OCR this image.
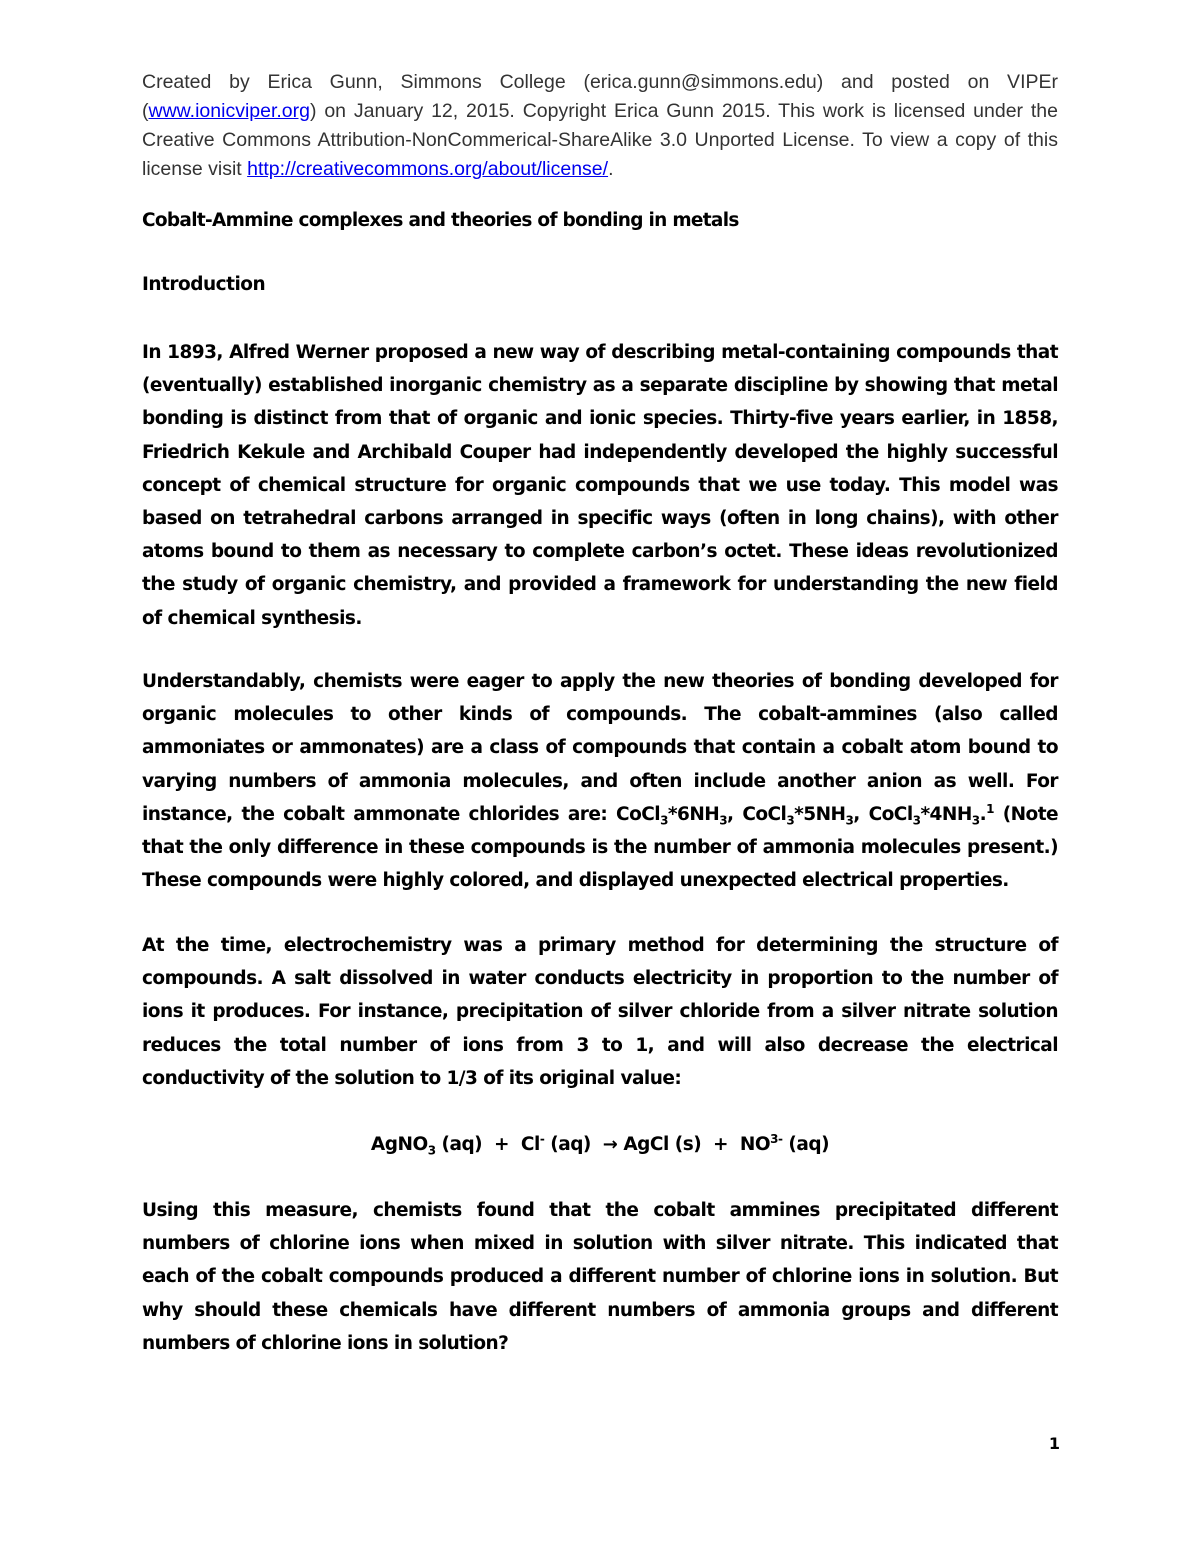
Created by Erica Gunn, Simmons College (erica.gunn@simmons.edu) and posted on VIPEr (www.ionicviper.org) on January 12, 2015. Copyright Erica Gunn 2015. This work is licensed under the Creative Commons Attribution-NonCommerical-ShareAlike 3.0 Unported License. To view a copy of this license visit http://creativecommons.org/about/license/.
Cobalt-Ammine complexes and theories of bonding in metals
Introduction

In 1893, Alfred Werner proposed a new way of describing metal-containing compounds that (eventually) established inorganic chemistry as a separate discipline by showing that metal bonding is distinct from that of organic and ionic species. Thirty-five years earlier, in 1858, Friedrich Kekule and Archibald Couper had independently developed the highly successful concept of chemical structure for organic compounds that we use today. This model was based on tetrahedral carbons arranged in specific ways (often in long chains), with other atoms bound to them as necessary to complete carbon’s octet. These ideas revolutionized the study of organic chemistry, and provided a framework for understanding the new field of chemical synthesis.

Understandably, chemists were eager to apply the new theories of bonding developed for organic molecules to other kinds of compounds. The cobalt-ammines (also called ammoniates or ammonates) are a class of compounds that contain a cobalt atom bound to varying numbers of ammonia molecules, and often include another anion as well. For instance, the cobalt ammonate chlorides are: $CoCl_3*6NH_3$, $CoCl_3*5NH_3$, $CoCl_3*4NH_3.^1$ (Note that the only difference in these compounds is the number of ammonia molecules present.) These compounds were highly colored, and displayed unexpected electrical properties.

At the time, electrochemistry was a primary method for determining the structure of compounds. A salt dissolved in water conducts electricity in proportion to the number of ions it produces. For instance, precipitation of silver chloride from a silver nitrate solution reduces the total number of ions from 3 to 1, and will also decrease the electrical conductivity of the solution to 1/3 of its original value:

AgNO$_3$ (aq)  +  Cl- (aq)  → AgCl $(s) + NO^{3-}$ (aq)

Using this measure, chemists found that the cobalt ammines precipitated different numbers of chlorine ions when mixed in solution with silver nitrate. This indicated that each of the cobalt compounds produced a different number of chlorine ions in solution. But why should these chemicals have different numbers of ammonia groups and different numbers of chlorine ions in solution?

1
